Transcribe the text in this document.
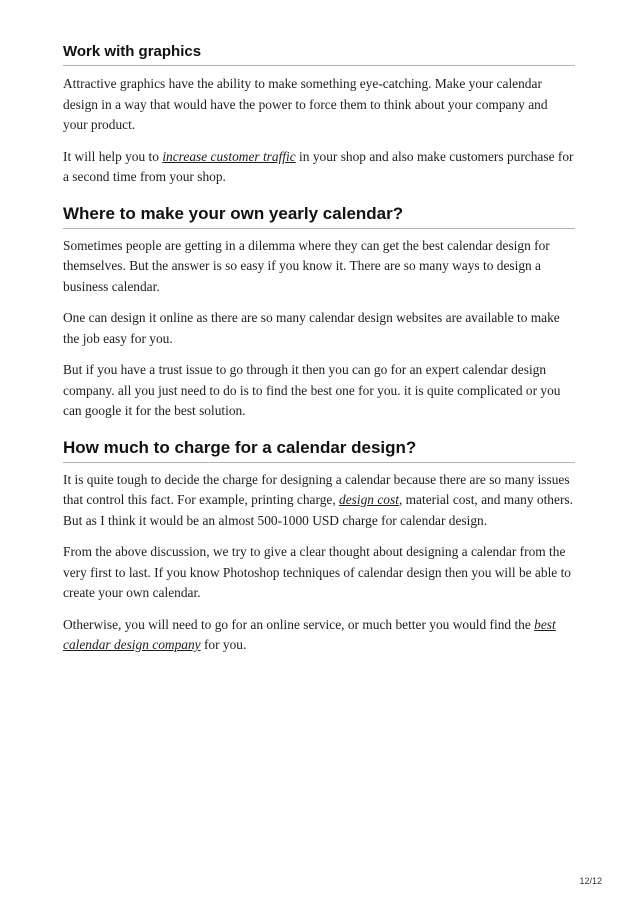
Work with graphics

Attractive graphics have the ability to make something eye-catching. Make your calendar design in a way that would have the power to force them to think about your company and your product.

It will help you to increase customer traffic in your shop and also make customers purchase for a second time from your shop.

Where to make your own yearly calendar?

Sometimes people are getting in a dilemma where they can get the best calendar design for themselves. But the answer is so easy if you know it. There are so many ways to design a business calendar.

One can design it online as there are so many calendar design websites are available to make the job easy for you.

But if you have a trust issue to go through it then you can go for an expert calendar design company. all you just need to do is to find the best one for you. it is quite complicated or you can google it for the best solution.

How much to charge for a calendar design?

It is quite tough to decide the charge for designing a calendar because there are so many issues that control this fact. For example, printing charge, design cost, material cost, and many others. But as I think it would be an almost 500-1000 USD charge for calendar design.

From the above discussion, we try to give a clear thought about designing a calendar from the very first to last. If you know Photoshop techniques of calendar design then you will be able to create your own calendar.

Otherwise, you will need to go for an online service, or much better you would find the best calendar design company for you.

12/12
